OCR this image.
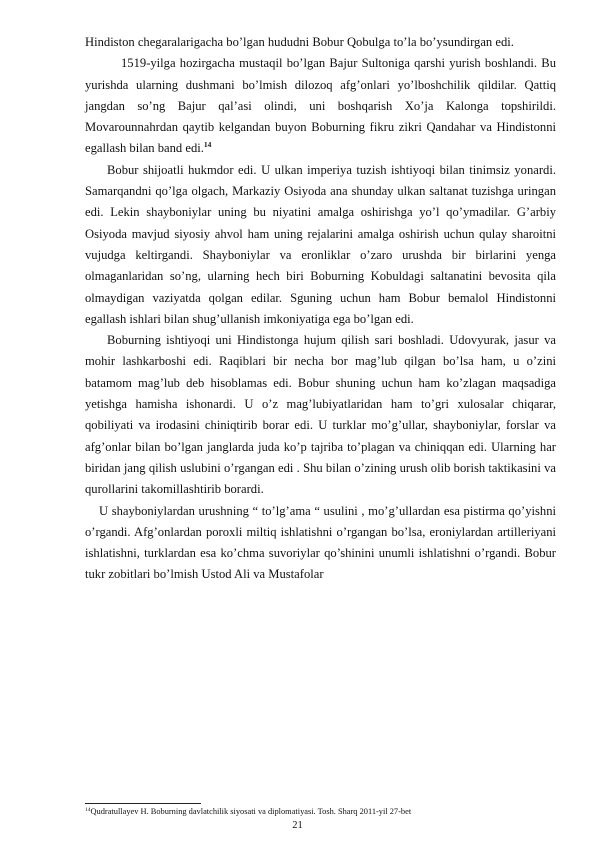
Hindiston chegaralarigacha bo’lgan hududni Bobur Qobulga to’la bo’ysundirgan edi.

1519-yilga hozirgacha mustaqil bo’lgan Bajur Sultoniga qarshi yurish boshlandi. Bu yurishda ularning dushmani bo’lmish dilozoq afg’onlari yo’lboshchilik qildilar. Qattiq jangdan so’ng Bajur qal’asi olindi, uni boshqarish Xo’ja Kalonga topshirildi. Movarounnahrdan qaytib kelgandan buyon Boburning fikru zikri Qandahar va Hindistonni egallash bilan band edi.$^{14}$

Bobur shijoatli hukmdor edi. U ulkan imperiya tuzish ishtiyoqi bilan tinimsiz yonardi. Samarqandni qo’lga olgach, Markaziy Osiyoda ana shunday ulkan saltanat tuzishga uringan edi. Lekin shayboniylar uning bu niyatini amalga oshirishga yo’l qo’ymadilar. G’arbiy Osiyoda mavjud siyosiy ahvol ham uning rejalarini amalga oshirish uchun qulay sharoitni vujudga keltirgandi. Shayboniylar va eronliklar o’zaro urushda bir birlarini yenga olmaganlaridan so’ng, ularning hech biri Boburning Kobuldagi saltanatini bevosita qila olmaydigan vaziyatda qolgan edilar. Sguning uchun ham Bobur bemalol Hindistonni egallash ishlari bilan shug’ullanish imkoniyatiga ega bo’lgan edi.

Boburning ishtiyoqi uni Hindistonga hujum qilish sari boshladi. Udovyurak, jasur va mohir lashkarboshi edi. Raqiblari bir necha bor mag’lub qilgan bo’lsa ham, u o’zini batamom mag’lub deb hisoblamas edi. Bobur shuning uchun ham ko’zlagan maqsadiga yetishga hamisha ishonardi. U o’z mag’lubiyatlaridan ham to’gri xulosalar chiqarar, qobiliyati va irodasini chiniqtirib borar edi. U turklar mo’g’ullar, shayboniylar, forslar va afg’onlar bilan bo’lgan janglarda juda ko’p tajriba to’plagan va chiniqqan edi. Ularning har biridan jang qilish uslubini o’rgangan edi . Shu bilan o’zining urush olib borish taktikasini va qurollarini takomillashtirib borardi.

U shayboniylardan urushning “ to’lg’ama “ usulini , mo’g’ullardan esa pistirma qo’yishni o’rgandi. Afg’onlardan poroxli miltiq ishlatishni o’rgangan bo’lsa, eroniylardan artilleriyani ishlatishni, turklardan esa ko’chma suvoriylar qo’shinini unumli ishlatishni o’rgandi. Bobur tukr zobitlari bo’lmish Ustod Ali va Mustafolar

$^{14}$Qudratullayev H. Boburning davlatchilik siyosati va diplomatiyasi. Tosh. Sharq 2011-yil 27-bet
21
